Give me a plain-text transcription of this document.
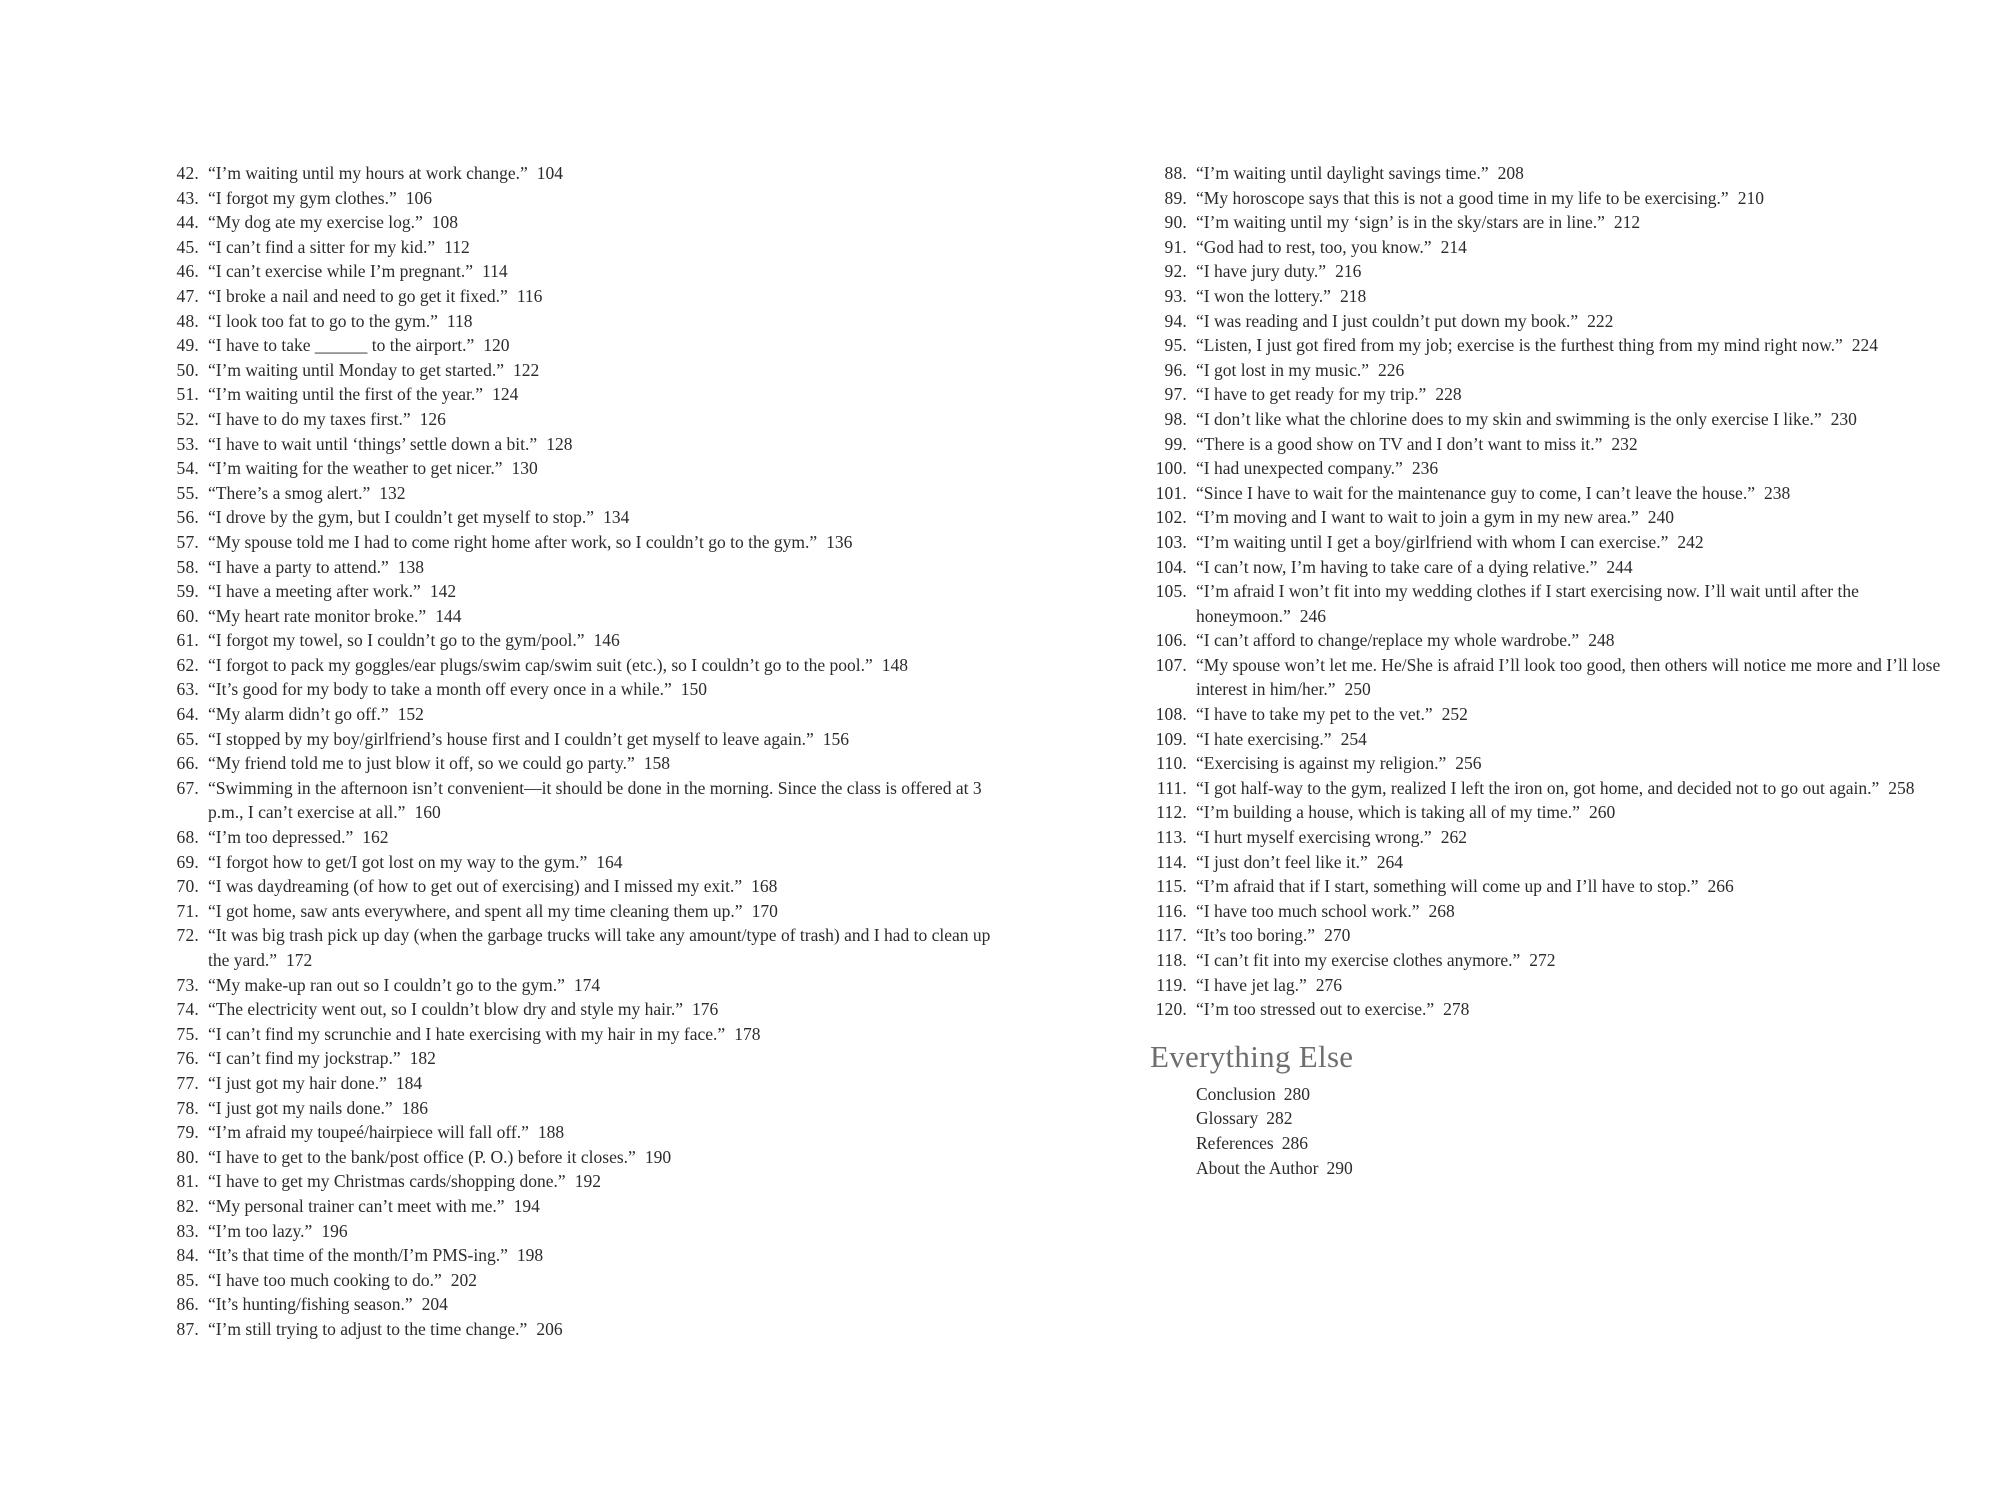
42. “I’m waiting until my hours at work change.” 104
43. “I forgot my gym clothes.” 106
44. “My dog ate my exercise log.” 108
45. “I can’t find a sitter for my kid.” 112
46. “I can’t exercise while I’m pregnant.” 114
47. “I broke a nail and need to go get it fixed.” 116
48. “I look too fat to go to the gym.” 118
49. “I have to take ______ to the airport.” 120
50. “I’m waiting until Monday to get started.” 122
51. “I’m waiting until the first of the year.” 124
52. “I have to do my taxes first.” 126
53. “I have to wait until ‘things’ settle down a bit.” 128
54. “I’m waiting for the weather to get nicer.” 130
55. “There’s a smog alert.” 132
56. “I drove by the gym, but I couldn’t get myself to stop.” 134
57. “My spouse told me I had to come right home after work, so I couldn’t go to the gym.” 136
58. “I have a party to attend.” 138
59. “I have a meeting after work.” 142
60. “My heart rate monitor broke.” 144
61. “I forgot my towel, so I couldn’t go to the gym/pool.” 146
62. “I forgot to pack my goggles/ear plugs/swim cap/swim suit (etc.), so I couldn’t go to the pool.” 148
63. “It’s good for my body to take a month off every once in a while.” 150
64. “My alarm didn’t go off.” 152
65. “I stopped by my boy/girlfriend’s house first and I couldn’t get myself to leave again.” 156
66. “My friend told me to just blow it off, so we could go party.” 158
67. “Swimming in the afternoon isn’t convenient—it should be done in the morning. Since the class is offered at 3 p.m., I can’t exercise at all.” 160
68. “I’m too depressed.” 162
69. “I forgot how to get/I got lost on my way to the gym.” 164
70. “I was daydreaming (of how to get out of exercising) and I missed my exit.” 168
71. “I got home, saw ants everywhere, and spent all my time cleaning them up.” 170
72. “It was big trash pick up day (when the garbage trucks will take any amount/type of trash) and I had to clean up the yard.” 172
73. “My make-up ran out so I couldn’t go to the gym.” 174
74. “The electricity went out, so I couldn’t blow dry and style my hair.” 176
75. “I can’t find my scrunchie and I hate exercising with my hair in my face.” 178
76. “I can’t find my jockstrap.” 182
77. “I just got my hair done.” 184
78. “I just got my nails done.” 186
79. “I’m afraid my toupeé/hairpiece will fall off.” 188
80. “I have to get to the bank/post office (P. O.) before it closes.” 190
81. “I have to get my Christmas cards/shopping done.” 192
82. “My personal trainer can’t meet with me.” 194
83. “I’m too lazy.” 196
84. “It’s that time of the month/I’m PMS-ing.” 198
85. “I have too much cooking to do.” 202
86. “It’s hunting/fishing season.” 204
87. “I’m still trying to adjust to the time change.” 206
88. “I’m waiting until daylight savings time.” 208
89. “My horoscope says that this is not a good time in my life to be exercising.” 210
90. “I’m waiting until my ‘sign’ is in the sky/stars are in line.” 212
91. “God had to rest, too, you know.” 214
92. “I have jury duty.” 216
93. “I won the lottery.” 218
94. “I was reading and I just couldn’t put down my book.” 222
95. “Listen, I just got fired from my job; exercise is the furthest thing from my mind right now.” 224
96. “I got lost in my music.” 226
97. “I have to get ready for my trip.” 228
98. “I don’t like what the chlorine does to my skin and swimming is the only exercise I like.” 230
99. “There is a good show on TV and I don’t want to miss it.” 232
100. “I had unexpected company.” 236
101. “Since I have to wait for the maintenance guy to come, I can’t leave the house.” 238
102. “I’m moving and I want to wait to join a gym in my new area.” 240
103. “I’m waiting until I get a boy/girlfriend with whom I can exercise.” 242
104. “I can’t now, I’m having to take care of a dying relative.” 244
105. “I’m afraid I won’t fit into my wedding clothes if I start exercising now. I’ll wait until after the honeymoon.” 246
106. “I can’t afford to change/replace my whole wardrobe.” 248
107. “My spouse won’t let me. He/She is afraid I’ll look too good, then others will notice me more and I’ll lose interest in him/her.” 250
108. “I have to take my pet to the vet.” 252
109. “I hate exercising.” 254
110. “Exercising is against my religion.” 256
111. “I got half-way to the gym, realized I left the iron on, got home, and decided not to go out again.” 258
112. “I’m building a house, which is taking all of my time.” 260
113. “I hurt myself exercising wrong.” 262
114. “I just don’t feel like it.” 264
115. “I’m afraid that if I start, something will come up and I’ll have to stop.” 266
116. “I have too much school work.” 268
117. “It’s too boring.” 270
118. “I can’t fit into my exercise clothes anymore.” 272
119. “I have jet lag.” 276
120. “I’m too stressed out to exercise.” 278
Everything Else
Conclusion 280
Glossary 282
References 286
About the Author 290
